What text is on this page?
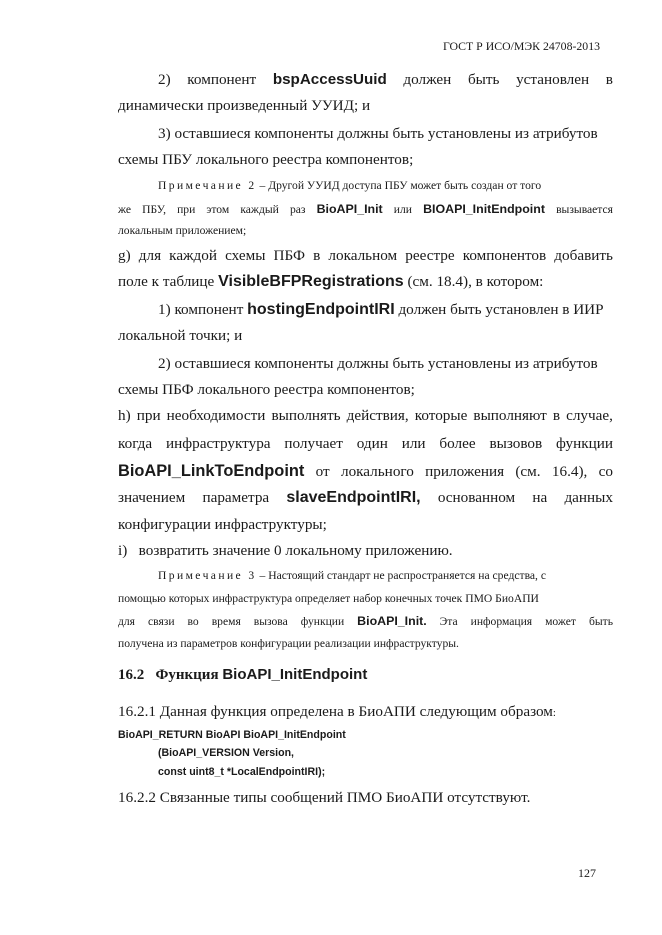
ГОСТ Р ИСО/МЭК 24708-2013
2) компонент bspAccessUuid должен быть установлен в
динамически произведенный УУИД; и
3) оставшиеся компоненты должны быть установлены из атрибутов
схемы ПБУ локального реестра компонентов;
Примечание 2 – Другой УУИД доступа ПБУ может быть создан от того
же ПБУ, при этом каждый раз BioAPI_Init или BIOAPI_InitEndpoint вызывается
локальным приложением;
g) для каждой схемы ПБФ в локальном реестре компонентов добавить
поле к таблице VisibleBFPRegistrations (см. 18.4), в котором:
1) компонент hostingEndpointIRI должен быть установлен в ИИР
локальной точки; и
2) оставшиеся компоненты должны быть установлены из атрибутов
схемы ПБФ локального реестра компонентов;
h) при необходимости выполнять действия, которые выполняют в случае,
когда инфраструктура получает один или более вызовов функции
BioAPI_LinkToEndpoint от локального приложения (см. 16.4), со
значением параметра slaveEndpointIRI, основанном на данных
конфигурации инфраструктуры;
i)   возвратить значение 0 локальному приложению.
Примечание 3 – Настоящий стандарт не распространяется на средства, с
помощью которых инфраструктура определяет набор конечных точек ПМО БиоАПИ
для связи во время вызова функции BioAPI_Init. Эта информация может быть
получена из параметров конфигурации реализации инфраструктуры.
16.2 Функция BioAPI_InitEndpoint
16.2.1 Данная функция определена в БиоАПИ следующим образом:
BioAPI_RETURN BioAPI BioAPI_InitEndpoint
(BioAPI_VERSION Version,
const uint8_t *LocalEndpointIRI);
16.2.2 Связанные типы сообщений ПМО БиоАПИ отсутствуют.
127
